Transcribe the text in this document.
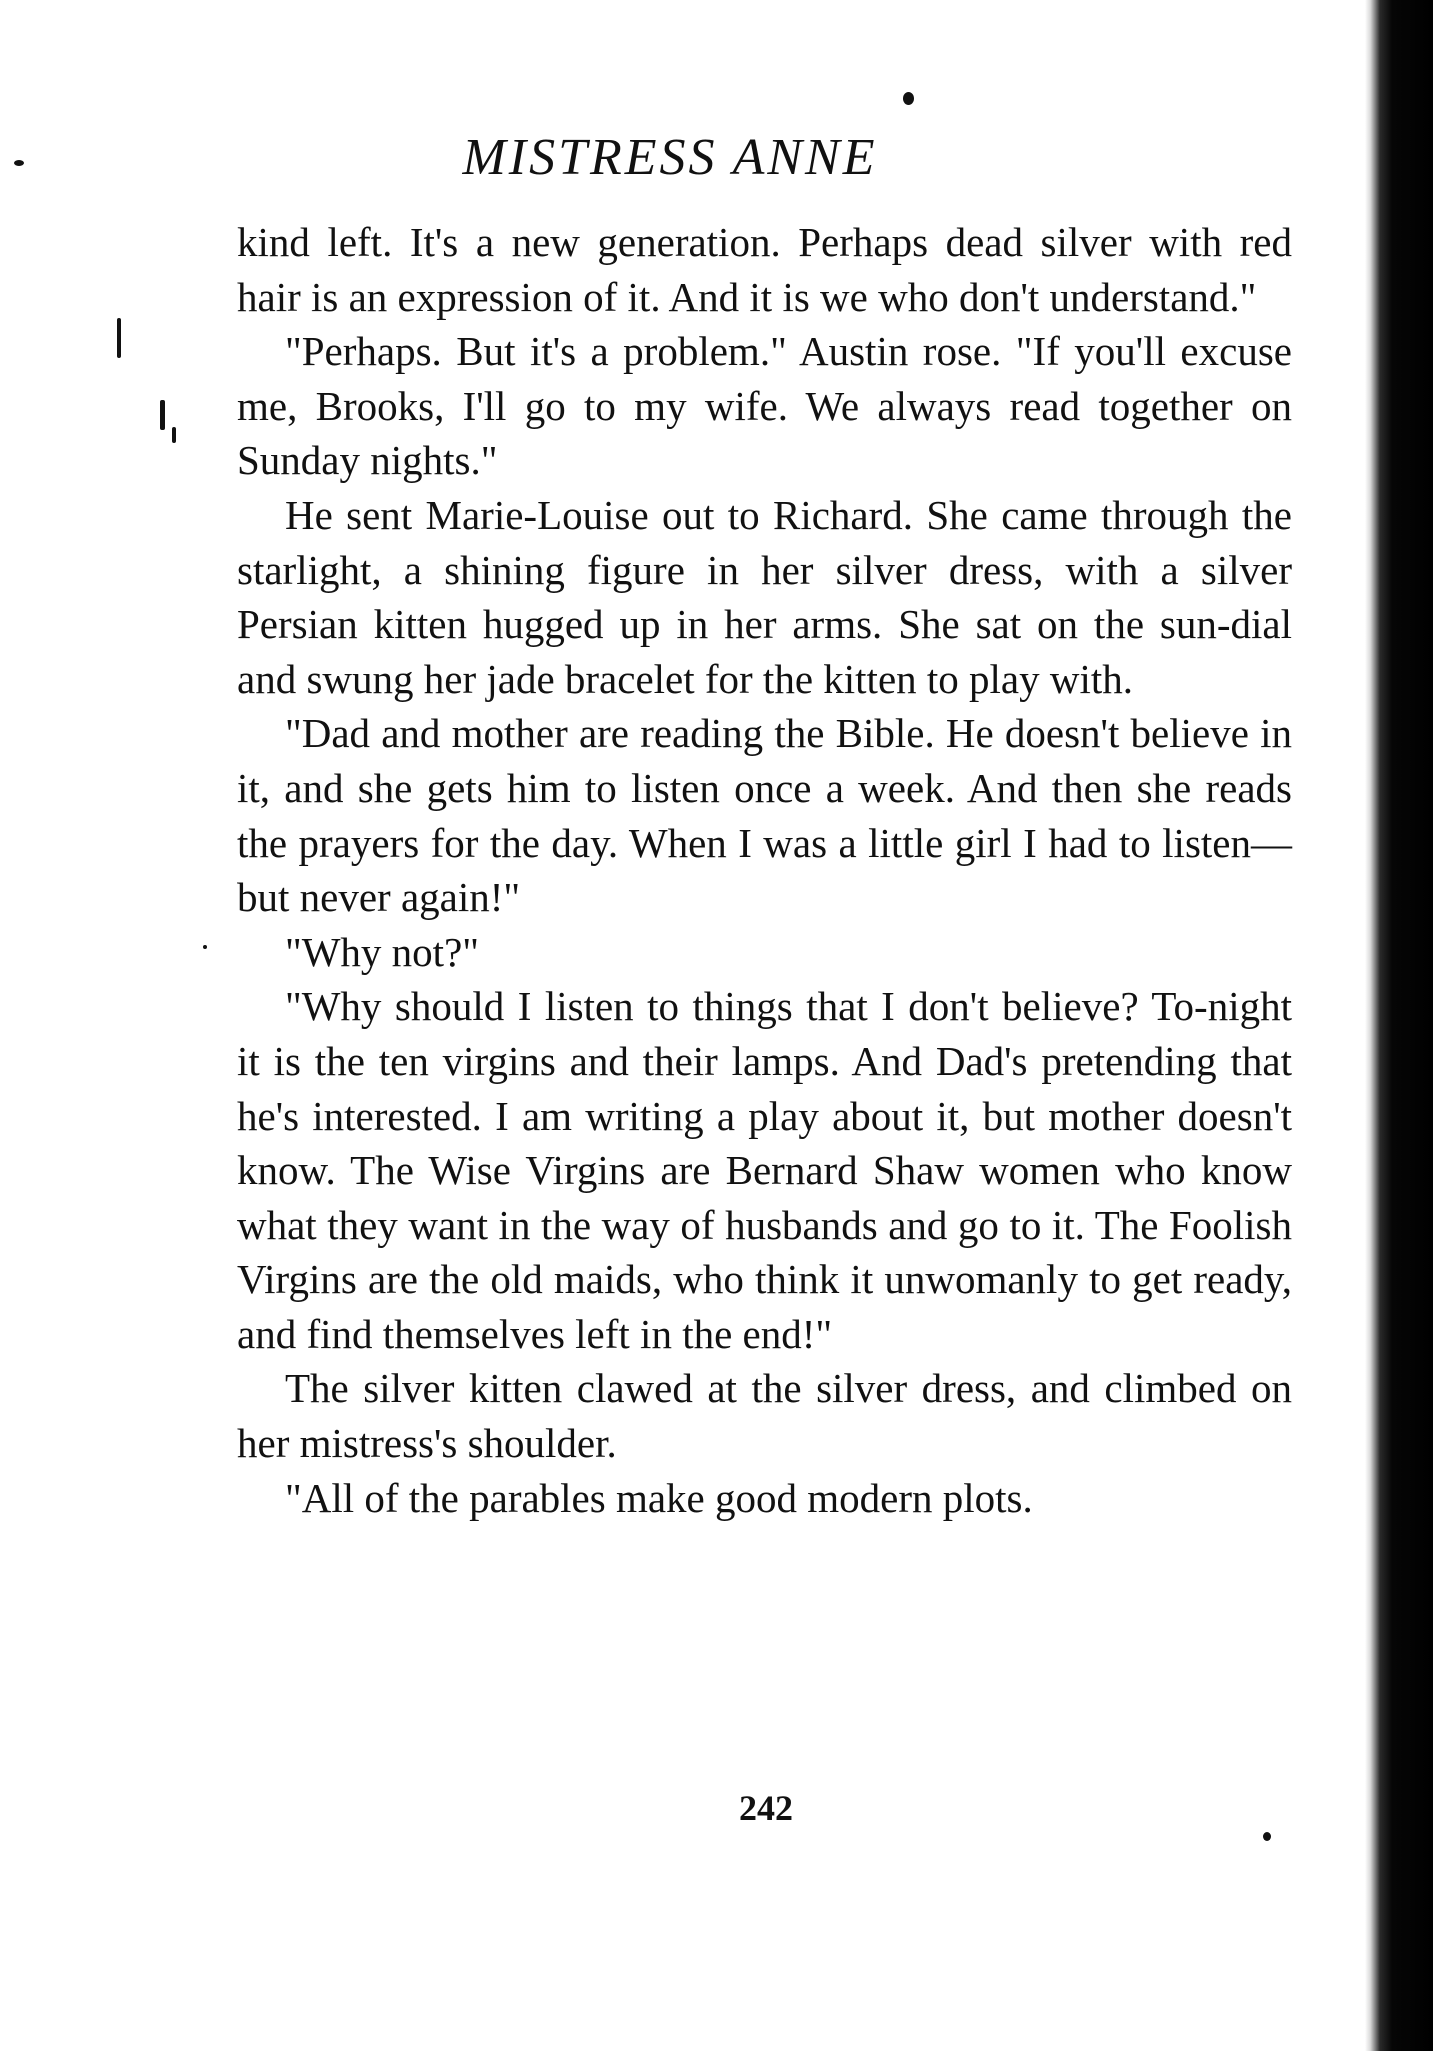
MISTRESS ANNE

kind left. It's a new generation. Perhaps dead silver with red hair is an expression of it. And it is we who don't understand."

"Perhaps. But it's a problem." Austin rose. "If you'll excuse me, Brooks, I'll go to my wife. We always read together on Sunday nights."

He sent Marie-Louise out to Richard. She came through the starlight, a shining figure in her silver dress, with a silver Persian kitten hugged up in her arms. She sat on the sun-dial and swung her jade bracelet for the kitten to play with.

"Dad and mother are reading the Bible. He doesn't believe in it, and she gets him to listen once a week. And then she reads the prayers for the day. When I was a little girl I had to listen—but never again!"

"Why not?"

"Why should I listen to things that I don't believe? To-night it is the ten virgins and their lamps. And Dad's pretending that he's interested. I am writing a play about it, but mother doesn't know. The Wise Virgins are Bernard Shaw women who know what they want in the way of husbands and go to it. The Foolish Virgins are the old maids, who think it unwomanly to get ready, and find themselves left in the end!"

The silver kitten clawed at the silver dress, and climbed on her mistress's shoulder.

"All of the parables make good modern plots.

242
